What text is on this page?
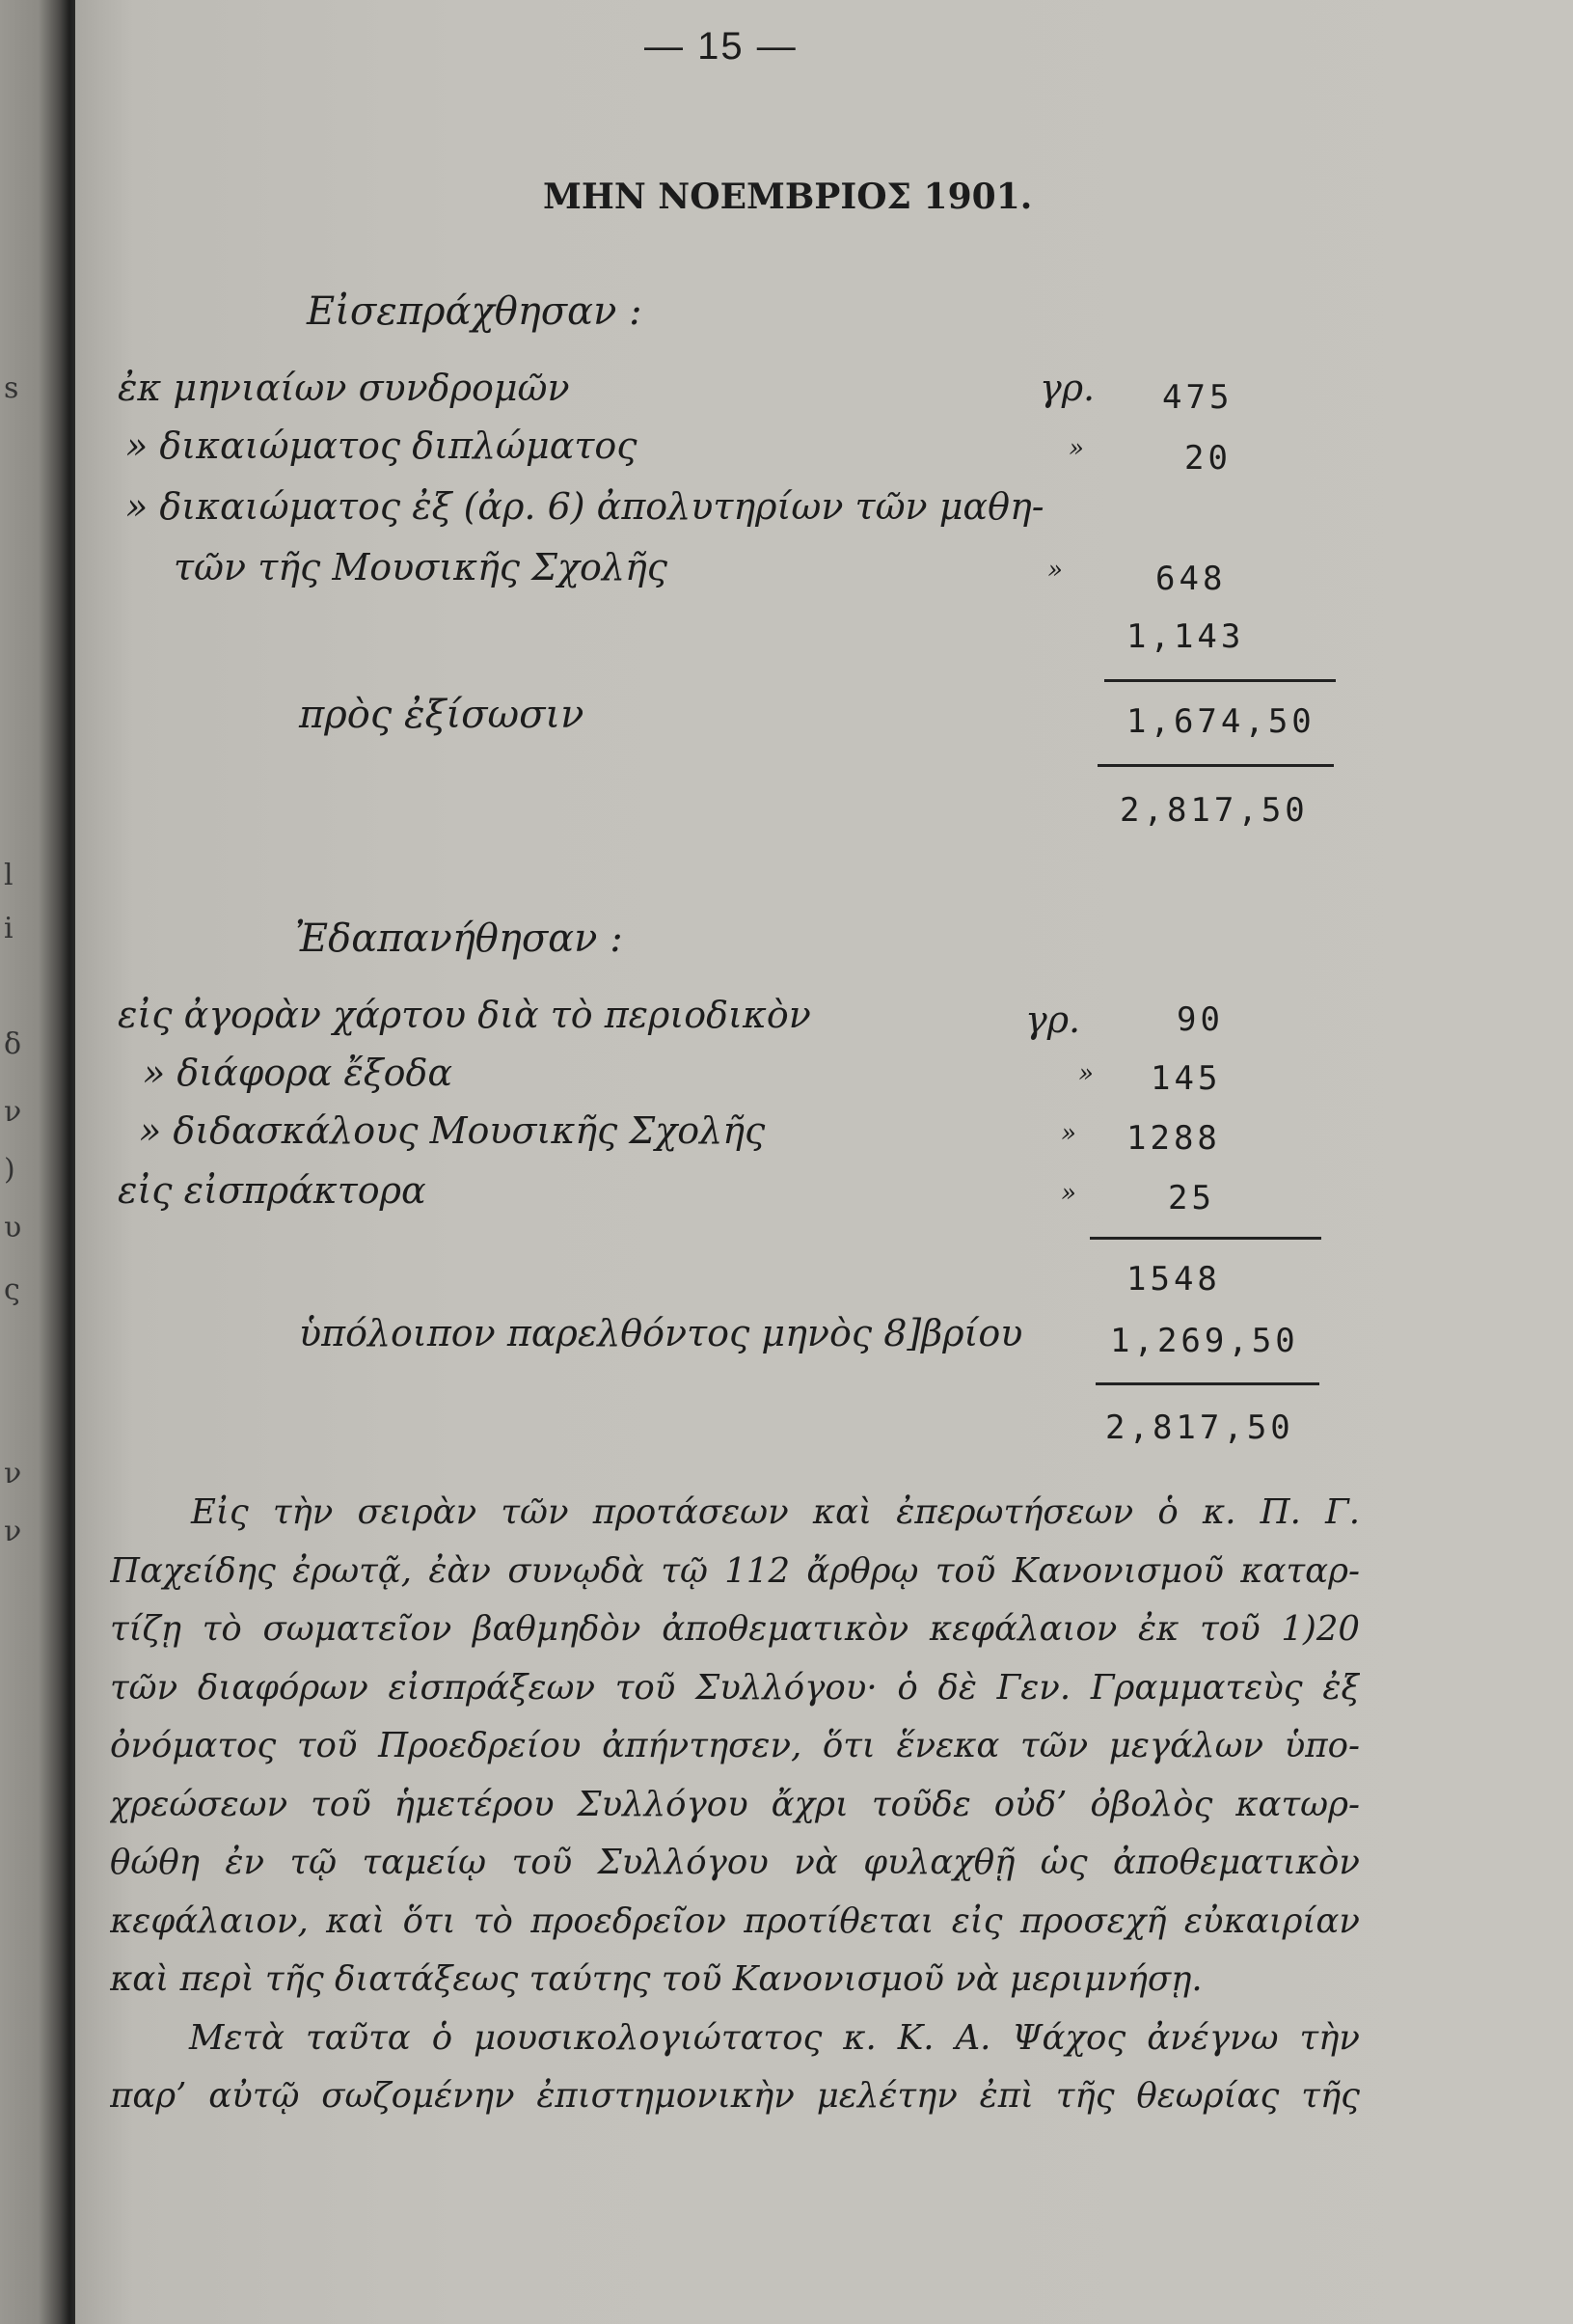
s
l
i
δ
ν
)
υ
ς
ν
ν
— 15 —
ΜΗΝ ΝΟΕΜΒΡΙΟΣ 1901.
Εἰσεπράχθησαν :
ἐκ μηνιαίων συνδρομῶν	γρ. 475
» δικαιώματος διπλώματος	»	20
» δικαιώματος ἐξ (ἀρ. 6) ἀπολυτηρίων τῶν μαθη-
τῶν τῆς Μουσικῆς Σχολῆς	»	648
1,143
πρὸς ἐξίσωσιν	1,674,50
2,817,50
Ἐδαπανήθησαν :
εἰς ἀγορὰν χάρτου διὰ τὸ περιοδικὸν	γρ.	90
» διάφορα ἔξοδα	» 145
» διδασκάλους Μουσικῆς Σχολῆς	» 1288
εἰς εἰσπράκτορα	»	25
1548
ὑπόλοιπον παρελθόντος μηνὸς 8]βρίου	1,269,50
2,817,50
Εἰς τὴν σειρὰν τῶν προτάσεων καὶ ἐπερωτήσεων ὁ κ. Π. Γ.
Παχείδης ἐρωτᾷ, ἐὰν συνῳδὰ τῷ 112 ἄρθρῳ τοῦ Κανονισμοῦ καταρ-
τίζῃ τὸ σωματεῖον βαθμηδὸν ἀποθεματικὸν κεφάλαιον ἐκ τοῦ 1)20
τῶν διαφόρων εἰσπράξεων τοῦ Συλλόγου· ὁ δὲ Γεν. Γραμματεὺς ἐξ
ὀνόματος τοῦ Προεδρείου ἀπήντησεν, ὅτι ἕνεκα τῶν μεγάλων ὑπο-
χρεώσεων τοῦ ἡμετέρου Συλλόγου ἄχρι τοῦδε οὐδ’ ὀβολὸς κατωρ-
θώθη ἐν τῷ ταμείῳ τοῦ Συλλόγου νὰ φυλαχθῇ ὡς ἀποθεματικὸν
κεφάλαιον, καὶ ὅτι τὸ προεδρεῖον προτίθεται εἰς προσεχῆ εὐκαιρίαν
καὶ περὶ τῆς διατάξεως ταύτης τοῦ Κανονισμοῦ νὰ μεριμνήσῃ.
Μετὰ ταῦτα ὁ μουσικολογιώτατος κ. Κ. Α. Ψάχος ἀνέγνω τὴν
παρ’ αὐτῷ σωζομένην ἐπιστημονικὴν μελέτην ἐπὶ τῆς θεωρίας τῆς
